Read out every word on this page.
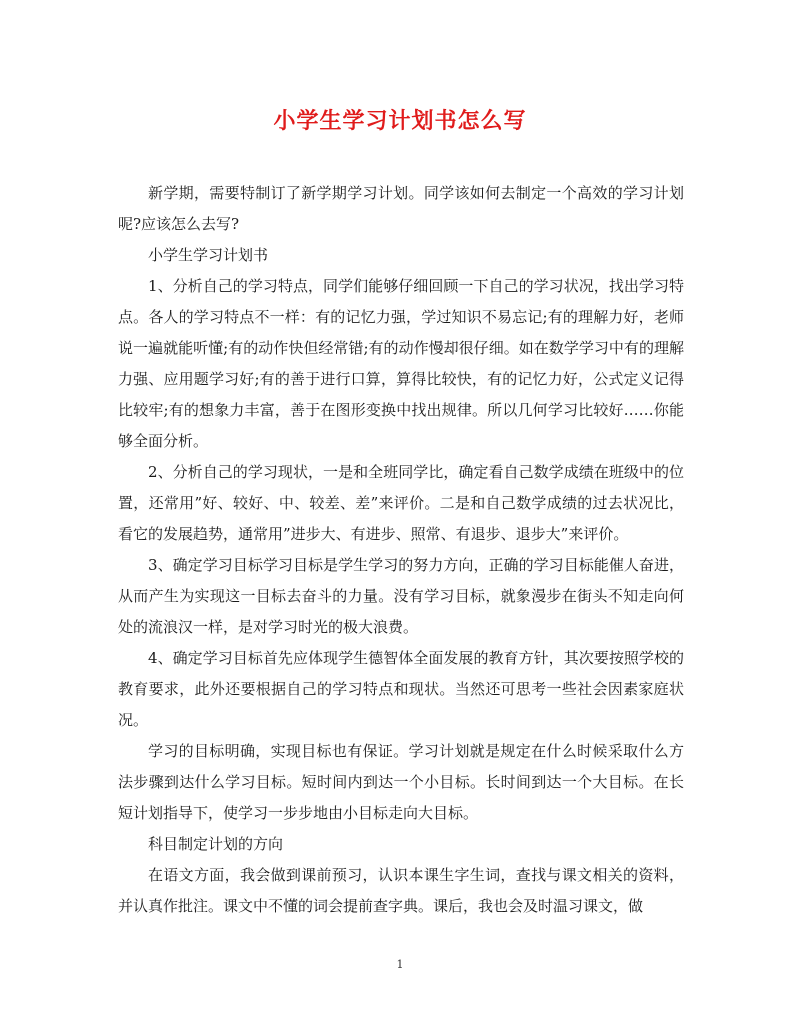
小学生学习计划书怎么写

新学期，需要特制订了新学期学习计划。同学该如何去制定一个高效的学习计划呢?应该怎么去写?

小学生学习计划书

1、分析自己的学习特点，同学们能够仔细回顾一下自己的学习状况，找出学习特点。各人的学习特点不一样：有的记忆力强，学过知识不易忘记;有的理解力好，老师说一遍就能听懂;有的动作快但经常错;有的动作慢却很仔细。如在数学学习中有的理解力强、应用题学习好;有的善于进行口算，算得比较快，有的记忆力好，公式定义记得比较牢;有的想象力丰富，善于在图形变换中找出规律。所以几何学习比较好……你能够全面分析。

2、分析自己的学习现状，一是和全班同学比，确定看自己数学成绩在班级中的位置，还常用”好、较好、中、较差、差”来评价。二是和自己数学成绩的过去状况比，看它的发展趋势，通常用”进步大、有进步、照常、有退步、退步大”来评价。

3、确定学习目标学习目标是学生学习的努力方向，正确的学习目标能催人奋进，从而产生为实现这一目标去奋斗的力量。没有学习目标，就象漫步在街头不知走向何处的流浪汉一样，是对学习时光的极大浪费。

4、确定学习目标首先应体现学生德智体全面发展的教育方针，其次要按照学校的教育要求，此外还要根据自己的学习特点和现状。当然还可思考一些社会因素家庭状况。

学习的目标明确，实现目标也有保证。学习计划就是规定在什么时候采取什么方法步骤到达什么学习目标。短时间内到达一个小目标。长时间到达一个大目标。在长短计划指导下，使学习一步步地由小目标走向大目标。

科目制定计划的方向

在语文方面，我会做到课前预习，认识本课生字生词，查找与课文相关的资料，并认真作批注。课文中不懂的词会提前查字典。课后，我也会及时温习课文，做

1
